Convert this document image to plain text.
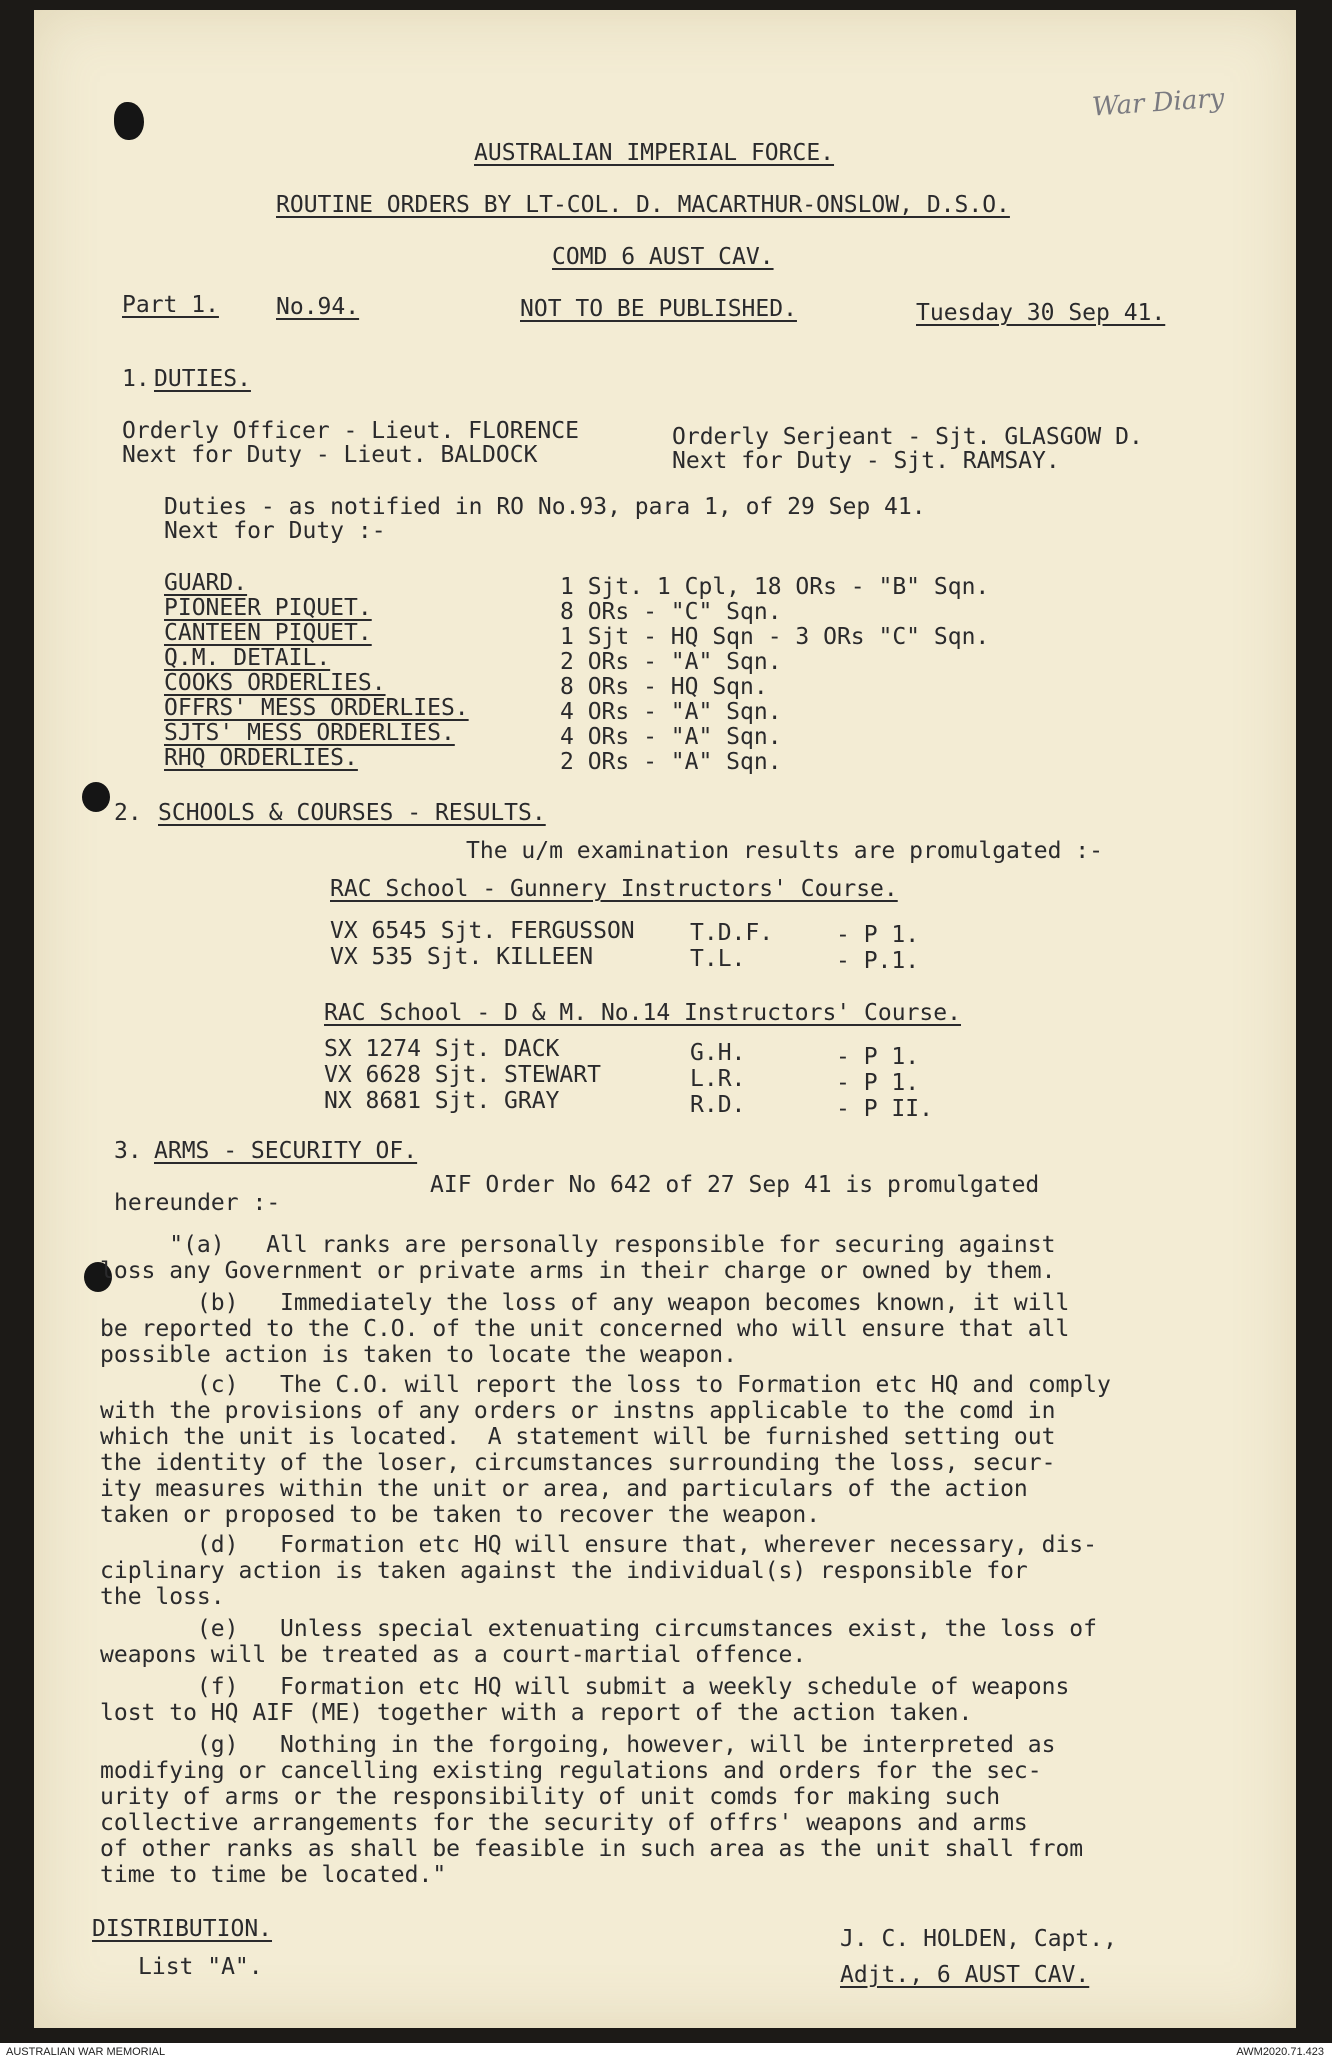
War Diary
AUSTRALIAN IMPERIAL FORCE.
ROUTINE ORDERS BY LT-COL. D. MACARTHUR-ONSLOW, D.S.O.
COMD 6 AUST CAV.
Part 1. No.94.	NOT TO BE PUBLISHED.	Tuesday 30 Sep 41.
1. DUTIES.
Orderly Officer - Lieut. FLORENCE
Next for Duty - Lieut. BALDOCK
Orderly Serjeant - Sjt. GLASGOW D.
Next for Duty - Sjt. RAMSAY.
Duties - as notified in RO No.93, para 1, of 29 Sep 41.
Next for Duty :-
GUARD.	1 Sjt. 1 Cpl, 18 ORs - "B" Sqn.
PIONEER PIQUET.	8 ORs - "C" Sqn.
CANTEEN PIQUET.	1 Sjt - HQ Sqn - 3 ORs "C" Sqn.
Q.M. DETAIL.	2 ORs - "A" Sqn.
COOKS ORDERLIES.	8 ORs - HQ Sqn.
OFFRS' MESS ORDERLIES.	4 ORs - "A" Sqn.
SJTS' MESS ORDERLIES.	4 ORs - "A" Sqn.
RHQ ORDERLIES.	2 ORs - "A" Sqn.
2. SCHOOLS & COURSES - RESULTS.
The u/m examination results are promulgated :-
RAC School - Gunnery Instructors' Course.
VX 6545 Sjt. FERGUSSON T.D.F.	- P 1.
VX 535 Sjt. KILLEEN	T.L.	- P.1.
RAC School - D & M. No.14 Instructors' Course.
SX 1274 Sjt. DACK	G.H.	- P 1.
VX 6628 Sjt. STEWART	L.R.	- P 1.
NX 8681 Sjt. GRAY	R.D.	- P II.
3. ARMS - SECURITY OF.
AIF Order No 642 of 27 Sep 41 is promulgated
hereunder :-
"(a)   All ranks are personally responsible for securing against
loss any Government or private arms in their charge or owned by them.
(b)   Immediately the loss of any weapon becomes known, it will
be reported to the C.O. of the unit concerned who will ensure that all
possible action is taken to locate the weapon.
(c)   The C.O. will report the loss to Formation etc HQ and comply
with the provisions of any orders or instns applicable to the comd in
which the unit is located.  A statement will be furnished setting out
the identity of the loser, circumstances surrounding the loss, secur-
ity measures within the unit or area, and particulars of the action
taken or proposed to be taken to recover the weapon.
(d)   Formation etc HQ will ensure that, wherever necessary, dis-
ciplinary action is taken against the individual(s) responsible for
the loss.
(e)   Unless special extenuating circumstances exist, the loss of
weapons will be treated as a court-martial offence.
(f)   Formation etc HQ will submit a weekly schedule of weapons
lost to HQ AIF (ME) together with a report of the action taken.
(g)   Nothing in the forgoing, however, will be interpreted as
modifying or cancelling existing regulations and orders for the sec-
urity of arms or the responsibility of unit comds for making such
collective arrangements for the security of offrs' weapons and arms
of other ranks as shall be feasible in such area as the unit shall from
time to time be located."
DISTRIBUTION.
List "A".
J. C. HOLDEN, Capt.,
Adjt., 6 AUST CAV.
AUSTRALIAN WAR MEMORIAL	AWM2020.71.423
